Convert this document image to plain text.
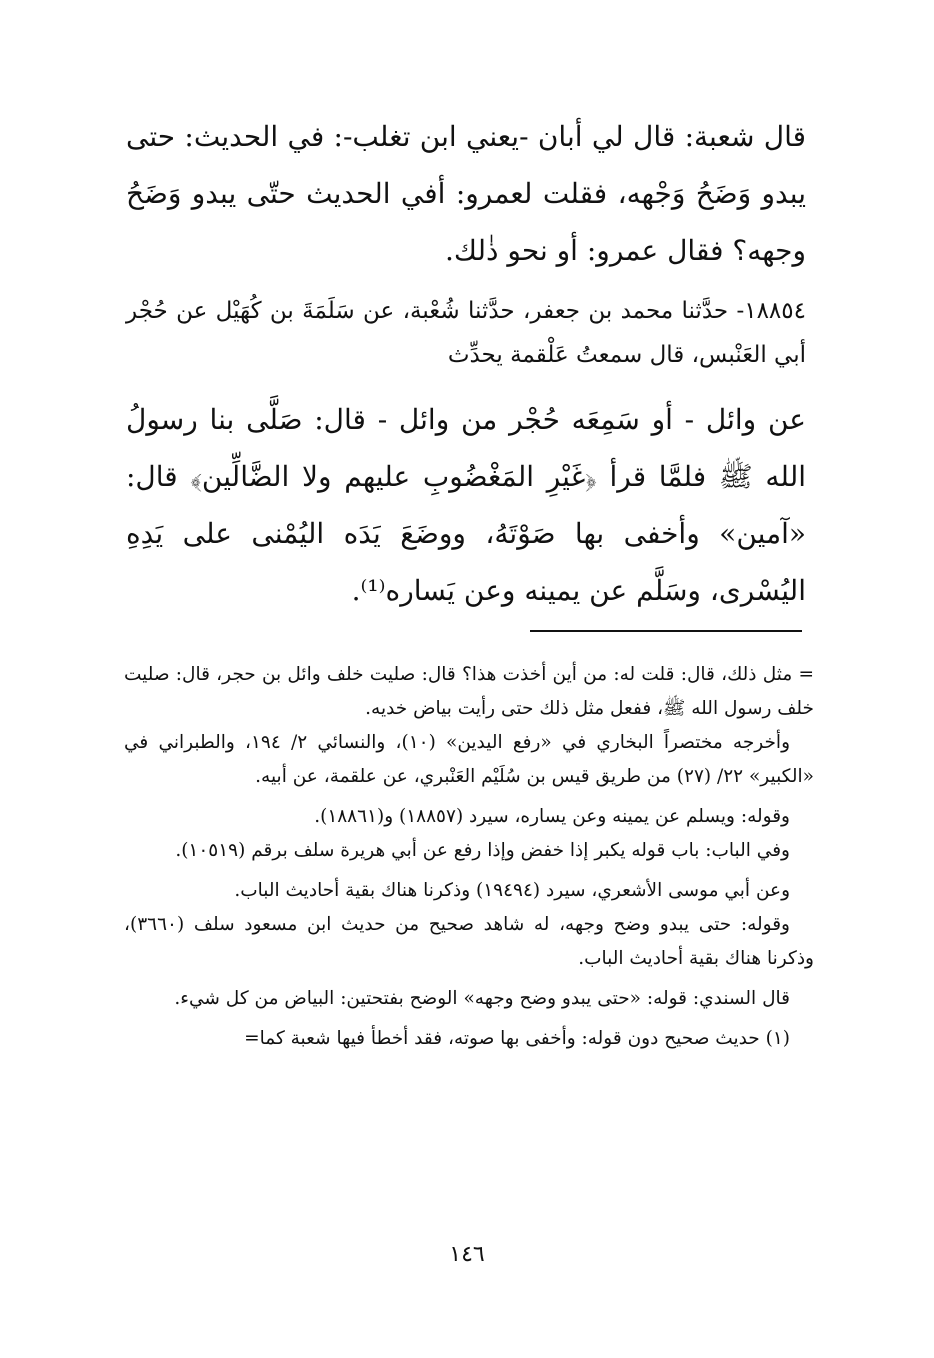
قال شعبة: قال لي أبان -يعني ابن تغلب-: في الحديث: حتى يبدو وَضَحُ وَجْهه، فقلت لعمرو: أفي الحديث حتّى يبدو وَضَحُ وجهه؟ فقال عمرو: أو نحو ذٰلك.

١٨٨٥٤- حدَّثنا محمد بن جعفر، حدَّثنا شُعْبة، عن سَلَمَةَ بن كُهَيْل عن حُجْر أبي العَنْبس، قال سمعتُ عَلْقمة يحدِّث

عن وائل - أو سَمِعَه حُجْر من وائل - قال: صَلَّى بنا رسولُ الله ﷺ فلمَّا قرأ ﴿غَيْرِ المَغْضُوبِ عليهم ولا الضَّالِّين﴾ قال: «آمين» وأخفى بها صَوْتَهُ، ووضَعَ يَدَه اليُمْنى على يَدِهِ اليُسْرى، وسَلَّم عن يمينه وعن يَساره⁽¹⁾.

= مثل ذلك، قال: قلت له: من أين أخذت هذا؟ قال: صليت خلف وائل بن حجر، قال: صليت خلف رسول الله ﷺ، ففعل مثل ذلك حتى رأيت بياض خديه.

وأخرجه مختصراً البخاري في «رفع اليدين» (١٠)، والنسائي ٢/ ١٩٤، والطبراني في «الكبير» ٢٢/ (٢٧) من طريق قيس بن سُلَيْم العَنْبري، عن علقمة، عن أبيه.

وقوله: ويسلم عن يمينه وعن يساره، سيرد (١٨٨٥٧) و(١٨٨٦١).

وفي الباب: باب قوله يكبر إذا خفض وإذا رفع عن أبي هريرة سلف برقم (١٠٥١٩).

وعن أبي موسى الأشعري، سيرد (١٩٤٩٤) وذكرنا هناك بقية أحاديث الباب.

وقوله: حتى يبدو وضح وجهه، له شاهد صحيح من حديث ابن مسعود سلف (٣٦٦٠)، وذكرنا هناك بقية أحاديث الباب.

قال السندي: قوله: «حتى يبدو وضح وجهه» الوضح بفتحتين: البياض من كل شيء.

(١) حديث صحيح دون قوله: وأخفى بها صوته، فقد أخطأ فيها شعبة كما=

١٤٦
